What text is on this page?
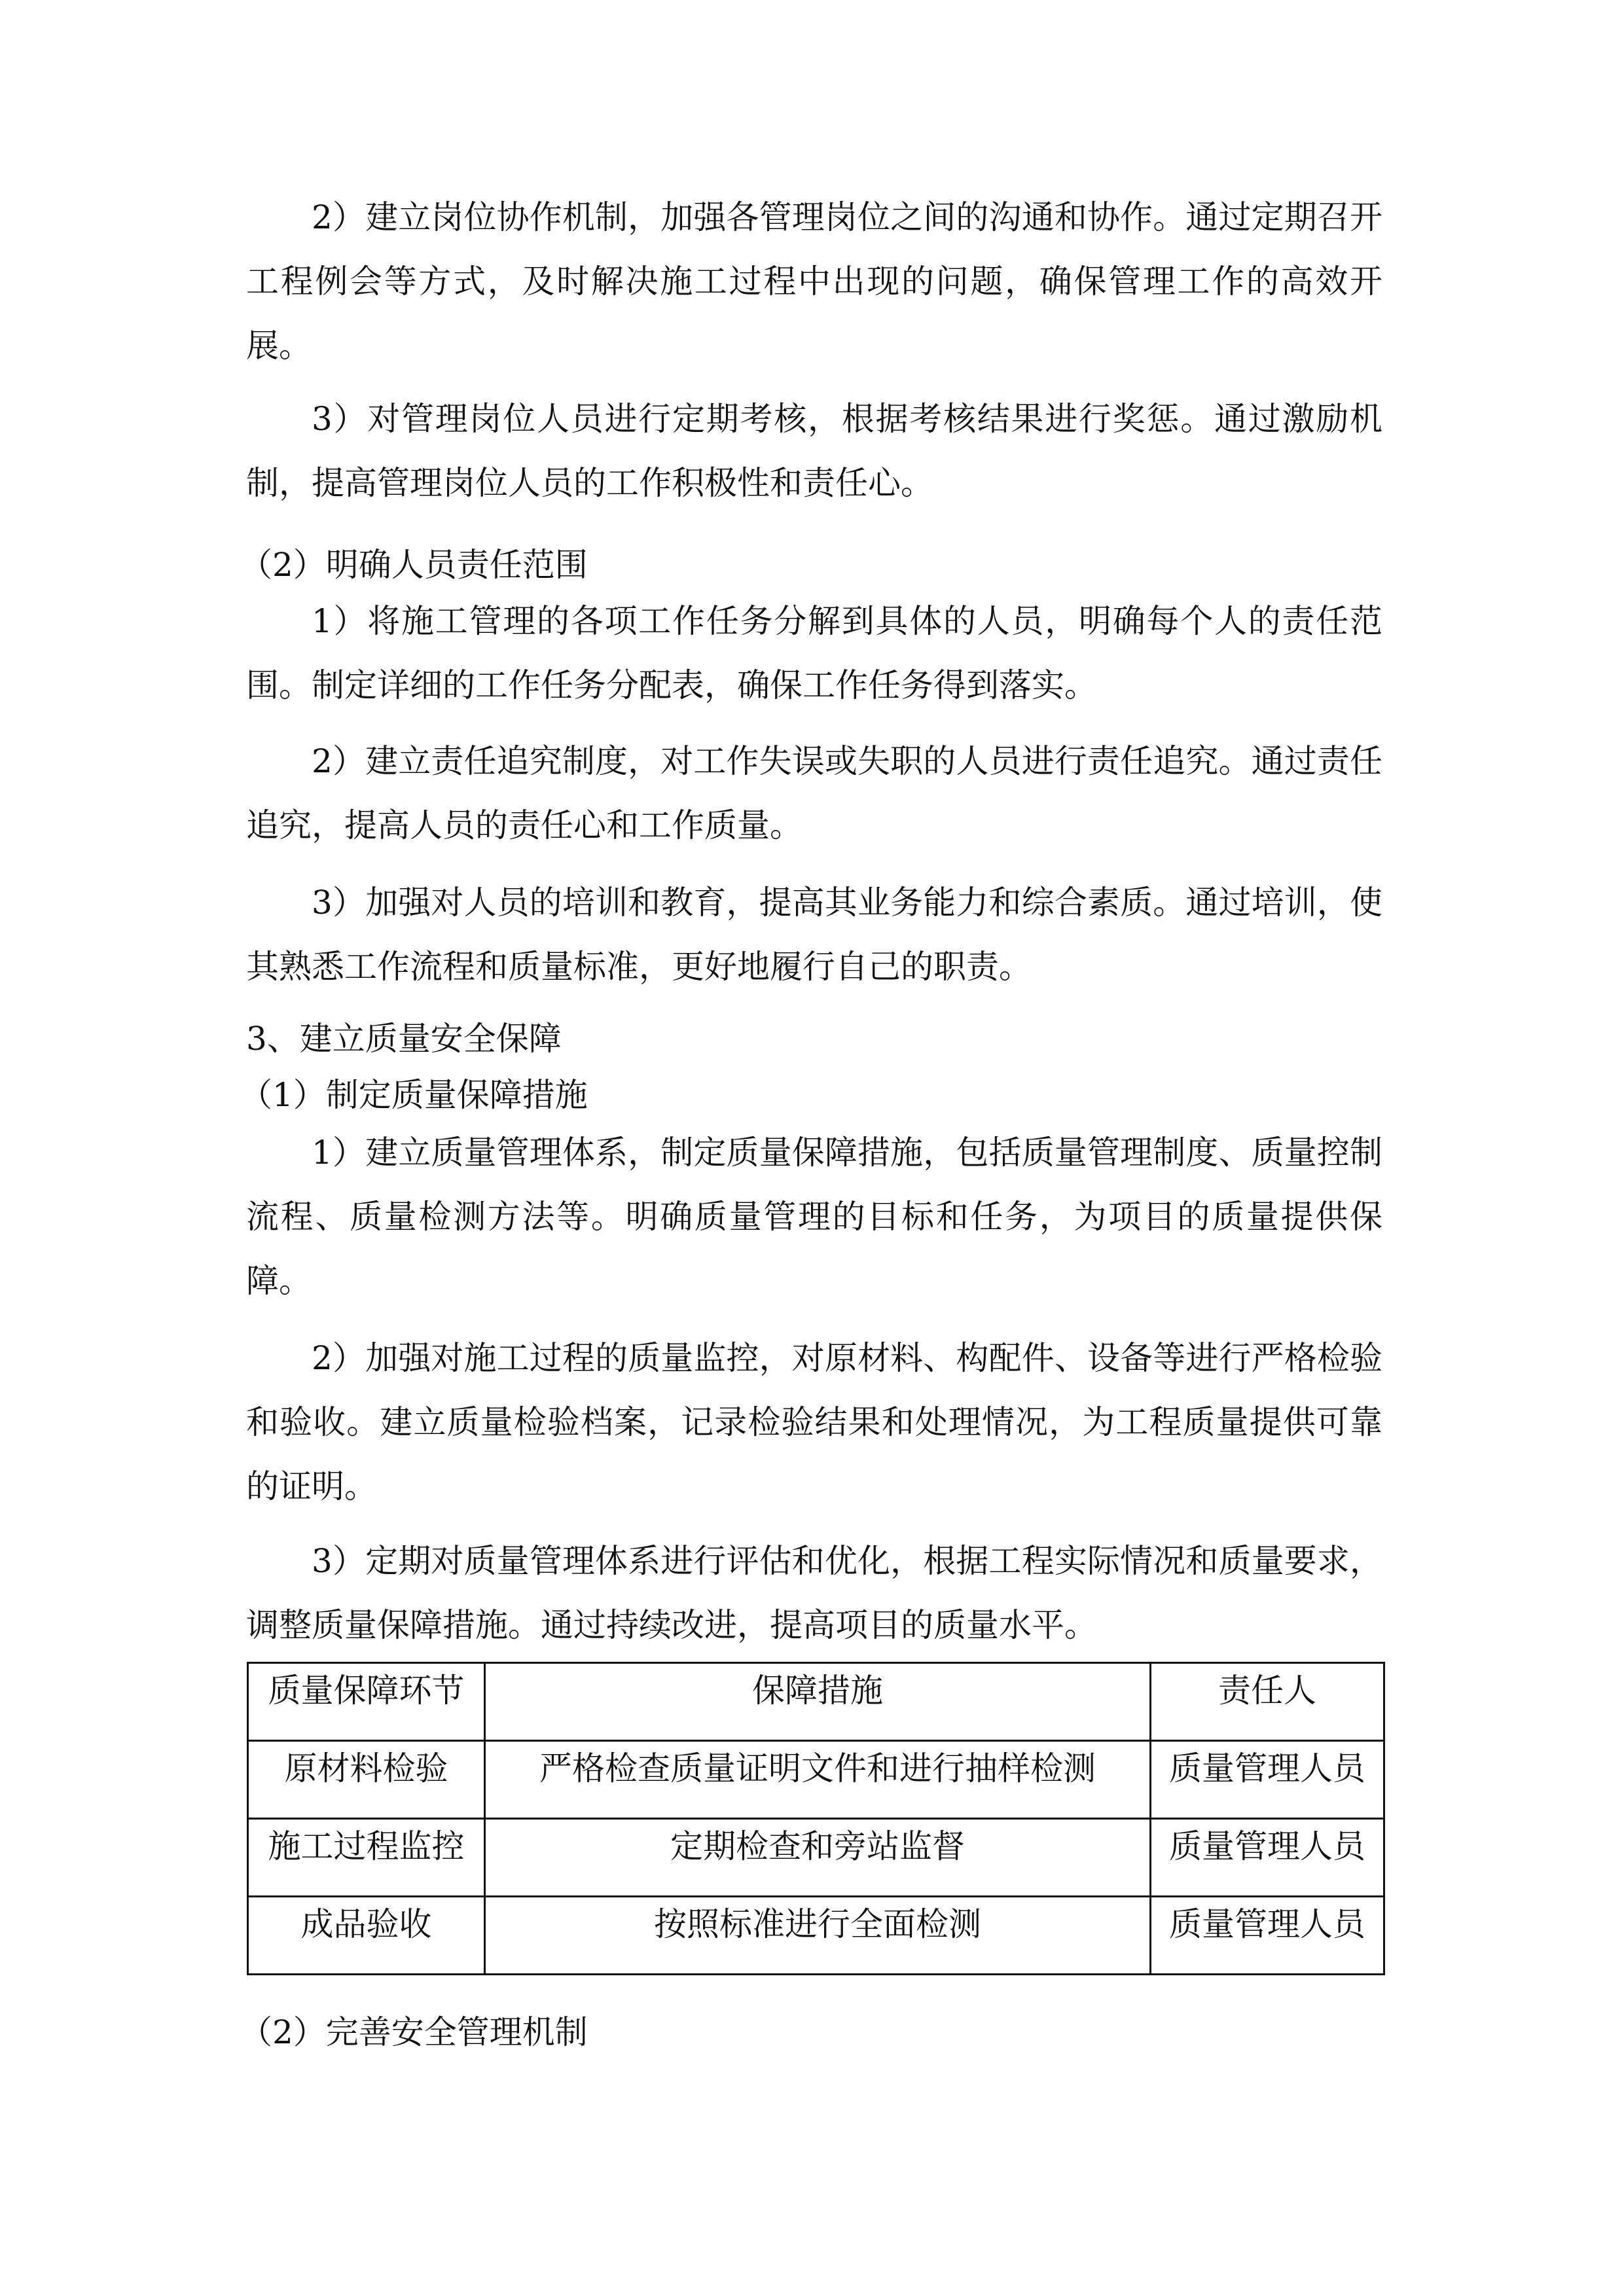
2）建立岗位协作机制，加强各管理岗位之间的沟通和协作。通过定期召开工程例会等方式，及时解决施工过程中出现的问题，确保管理工作的高效开展。

3）对管理岗位人员进行定期考核，根据考核结果进行奖惩。通过激励机制，提高管理岗位人员的工作积极性和责任心。

（2）明确人员责任范围

1）将施工管理的各项工作任务分解到具体的人员，明确每个人的责任范围。制定详细的工作任务分配表，确保工作任务得到落实。

2）建立责任追究制度，对工作失误或失职的人员进行责任追究。通过责任追究，提高人员的责任心和工作质量。

3）加强对人员的培训和教育，提高其业务能力和综合素质。通过培训，使其熟悉工作流程和质量标准，更好地履行自己的职责。

3、建立质量安全保障

（1）制定质量保障措施

1）建立质量管理体系，制定质量保障措施，包括质量管理制度、质量控制流程、质量检测方法等。明确质量管理的目标和任务，为项目的质量提供保障。

2）加强对施工过程的质量监控，对原材料、构配件、设备等进行严格检验和验收。建立质量检验档案，记录检验结果和处理情况，为工程质量提供可靠的证明。

3）定期对质量管理体系进行评估和优化，根据工程实际情况和质量要求，调整质量保障措施。通过持续改进，提高项目的质量水平。

质量保障环节	保障措施	责任人
原材料检验	严格检查质量证明文件和进行抽样检测	质量管理人员
施工过程监控	定期检查和旁站监督	质量管理人员
成品验收	按照标准进行全面检测	质量管理人员

（2）完善安全管理机制
